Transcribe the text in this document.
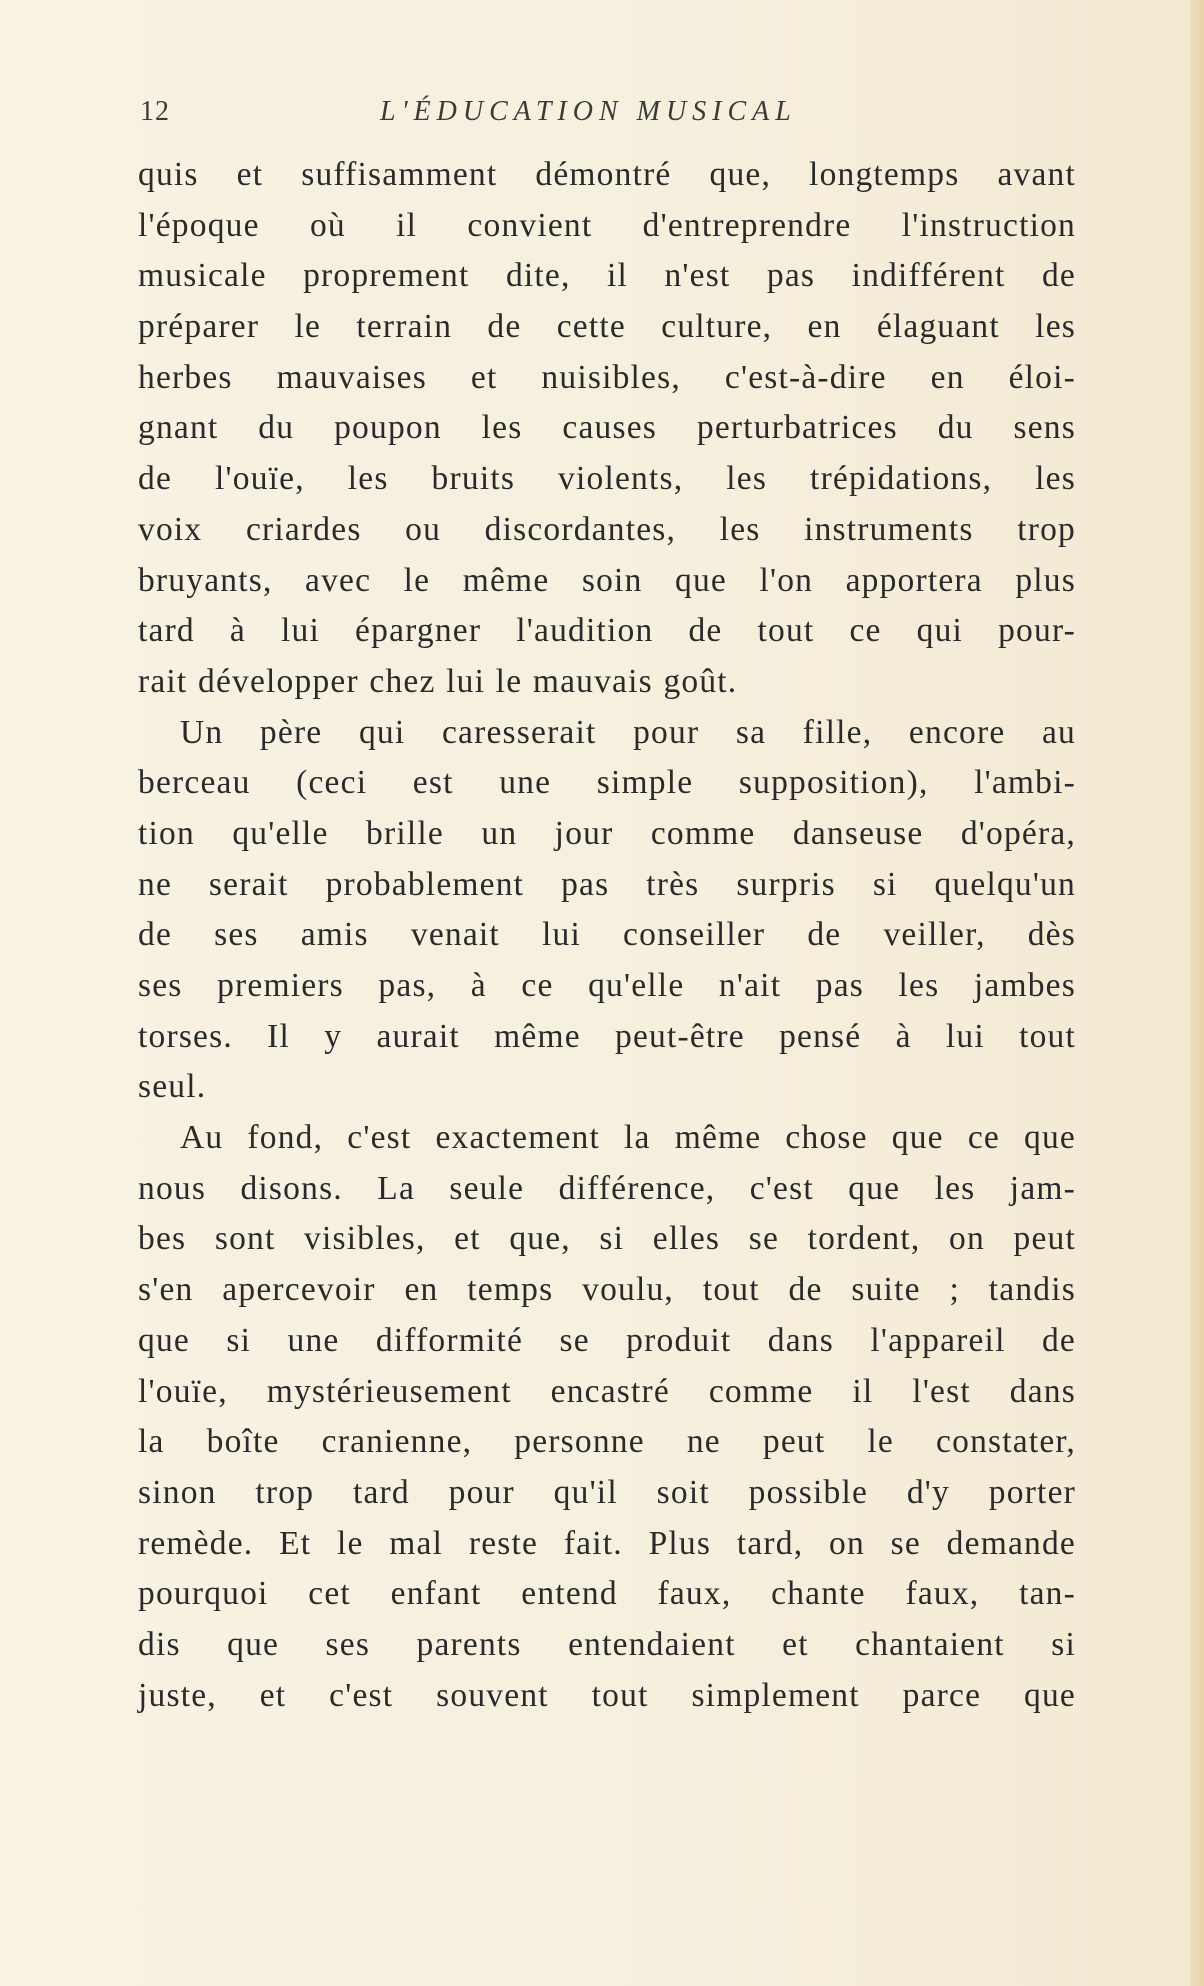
12	L'ÉDUCATION MUSICAL
quis et suffisamment démontré que, longtemps avant
l'époque où il convient d'entreprendre l'instruction
musicale proprement dite, il n'est pas indifférent de
préparer le terrain de cette culture, en élaguant les
herbes mauvaises et nuisibles, c'est-à-dire en éloi-
gnant du poupon les causes perturbatrices du sens
de l'ouïe, les bruits violents, les trépidations, les
voix criardes ou discordantes, les instruments trop
bruyants, avec le même soin que l'on apportera plus
tard à lui épargner l'audition de tout ce qui pour-
rait développer chez lui le mauvais goût.
Un père qui caresserait pour sa fille, encore au
berceau (ceci est une simple supposition), l'ambi-
tion qu'elle brille un jour comme danseuse d'opéra,
ne serait probablement pas très surpris si quelqu'un
de ses amis venait lui conseiller de veiller, dès
ses premiers pas, à ce qu'elle n'ait pas les jambes
torses. Il y aurait même peut-être pensé à lui tout
seul.
Au fond, c'est exactement la même chose que ce que
nous disons. La seule différence, c'est que les jam-
bes sont visibles, et que, si elles se tordent, on peut
s'en apercevoir en temps voulu, tout de suite ; tandis
que si une difformité se produit dans l'appareil de
l'ouïe, mystérieusement encastré comme il l'est dans
la boîte cranienne, personne ne peut le constater,
sinon trop tard pour qu'il soit possible d'y porter
remède. Et le mal reste fait. Plus tard, on se demande
pourquoi cet enfant entend faux, chante faux, tan-
dis que ses parents entendaient et chantaient si
juste, et c'est souvent tout simplement parce que
